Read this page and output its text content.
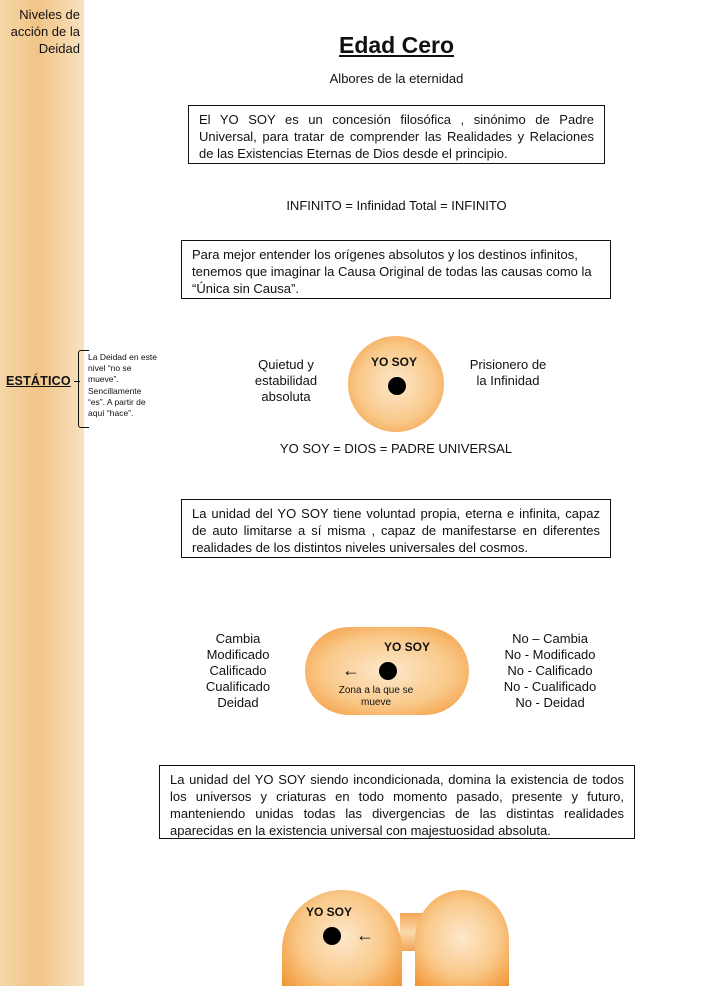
Niveles de acción de la Deidad
ESTÁTICO
La Deidad en este nivel “no se mueve”. Sencillamente “es”. A partir de aquí “hace”.
Edad Cero
Albores de la eternidad
El YO SOY es un concesión filosófica , sinónimo de Padre Universal, para tratar de comprender las Realidades y Relaciones de las Existencias Eternas de Dios desde el principio.
INFINITO = Infinidad Total = INFINITO
Para mejor entender los orígenes absolutos y los destinos infinitos, tenemos que imaginar la Causa Original de todas las causas como la “Única sin Causa”.
Quietud y estabilidad absoluta
YO SOY	Prisionero de la Infinidad
YO SOY = DIOS = PADRE UNIVERSAL
La unidad del YO SOY tiene voluntad propia, eterna e infinita, capaz de auto limitarse a sí misma , capaz de manifestarse en diferentes realidades de los distintos niveles universales del cosmos.
Cambia
Modificado
Calificado
Cualificado
Deidad
YO SOY
←
Zona a la que se mueve
No – Cambia
No - Modificado
No - Calificado
No - Cualificado
No - Deidad
La unidad del YO SOY siendo incondicionada, domina la existencia de todos los universos y criaturas en todo momento pasado, presente y futuro, manteniendo unidas todas las divergencias de las distintas realidades aparecidas en la existencia universal con majestuosidad absoluta.
YO SOY
←
